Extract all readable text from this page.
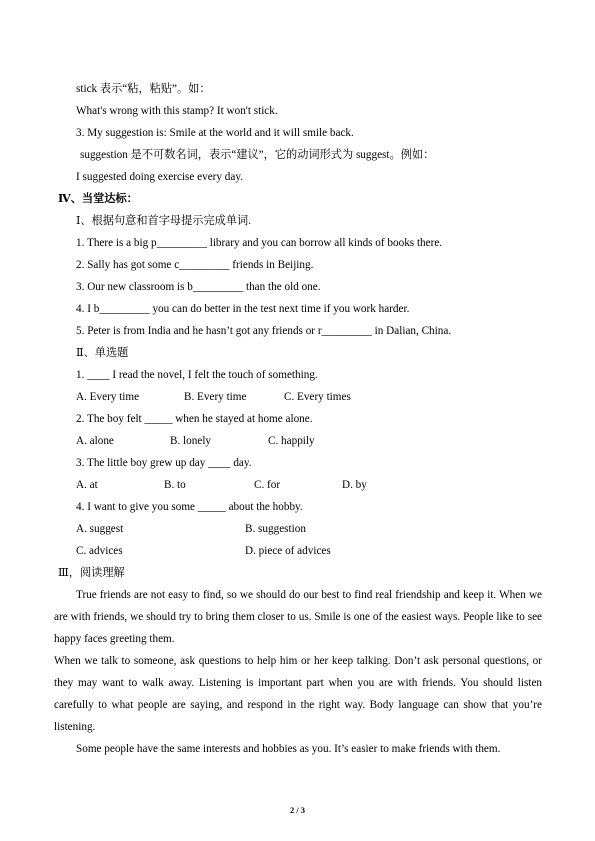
stick 表示“粘，粘贴”。如：
What's wrong with this stamp? It won't stick.
3. My suggestion is: Smile at the world and it will smile back.
suggestion 是不可数名词，表示“建议”，它的动词形式为 suggest。例如：
I suggested doing exercise every day.
Ⅳ、当堂达标：
Ⅰ、根据句意和首字母提示完成单词.
1. There is a big p_________ library and you can borrow all kinds of books there.
2. Sally has got some c_________ friends in Beijing.
3. Our new classroom is b_________ than the old one.
4. I b_________ you can do better in the test next time if you work harder.
5. Peter is from India and he hasn’t got any friends or r_________ in Dalian, China.
Ⅱ、单选题
1. ____ I read the novel, I felt the touch of something.
A. Every time	B. Every time	C. Every times
2. The boy felt _____ when he stayed at home alone.
A. alone	B. lonely	C. happily
3. The little boy grew up day ____ day.
A. at	B. to	C. for	D. by
4. I want to give you some _____ about the hobby.
A. suggest	B. suggestion
C. advices	D. piece of advices
Ⅲ，阅读理解

True friends are not easy to find, so we should do our best to find real friendship and keep it. When we are with friends, we should try to bring them closer to us. Smile is one of the easiest ways. People like to see happy faces greeting them.

When we talk to someone, ask questions to help him or her keep talking. Don’t ask personal questions, or they may want to walk away. Listening is important part when you are with friends. You should listen carefully to what people are saying, and respond in the right way. Body language can show that you’re listening.

Some people have the same interests and hobbies as you. It’s easier to make friends with them.

2 / 3
